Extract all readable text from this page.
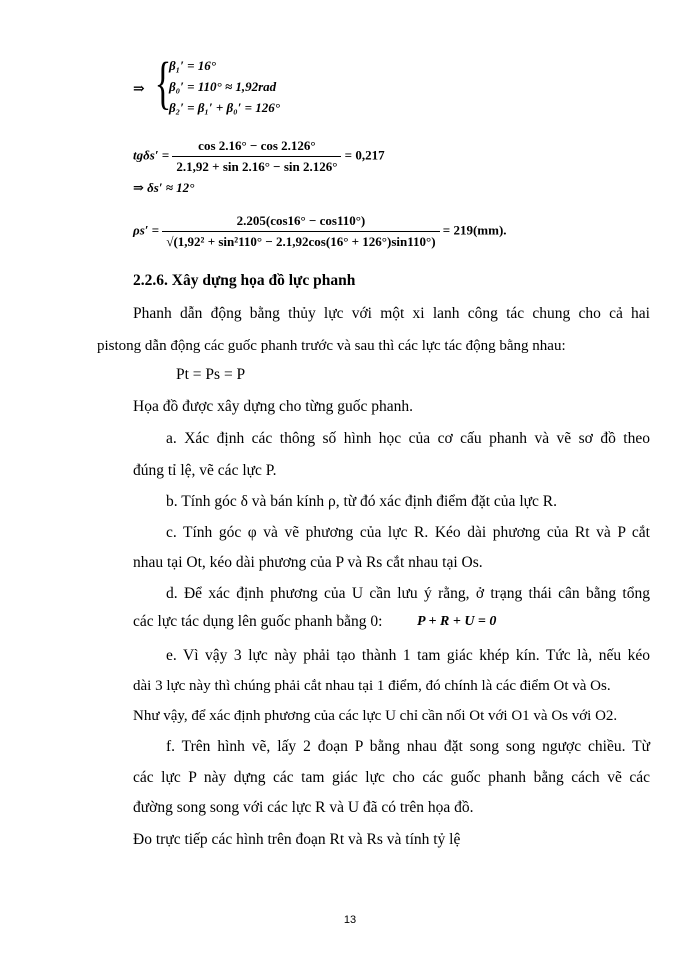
⇒ {
β₁′ = 16°
β₀′ = 110° ≈ 1,92rad
β₂′ = β₁′ + β₀′ = 126°
$tg\delta s' = \frac{\cos 2.16^\circ - \cos 2.126^\circ}{2.1,92 + \sin 2.16^\circ - \sin 2.126^\circ} = 0,217$
⇒ δs′ ≈ 12°
$\rho s' = \frac{2.205(\cos 16^\circ - \cos 110^\circ)}{\text{√(1,92² + sin²110° − 2.1,92cos(16° + 126°)sin110°)}} = 219(mm)$.
2.2.6. Xây dựng họa đồ lực phanh
Phanh dẫn động bằng thủy lực với một xi lanh công tác chung cho cả hai
pistong dẫn động các guốc phanh trước và sau thì các lực tác động bằng nhau:
Pt = Ps = P
Họa đồ được xây dựng cho từng guốc phanh.
a. Xác định các thông số hình học của cơ cấu phanh và vẽ sơ đồ theo
đúng tỉ lệ, vẽ các lực P.
b. Tính góc δ và bán kính ρ, từ đó xác định điểm đặt của lực R.
c. Tính góc φ và vẽ phương của lực R. Kéo dài phương của Rt và P cắt
nhau tại Ot, kéo dài phương của P và Rs cắt nhau tại Os.
d. Để xác định phương của U cần lưu ý rằng, ở trạng thái cân bằng tổng
các lực tác dụng lên guốc phanh bằng 0: P + R + U = 0
e. Vì vậy 3 lực này phải tạo thành 1 tam giác khép kín. Tức là, nếu kéo
dài 3 lực này thì chúng phải cắt nhau tại 1 điểm, đó chính là các điểm Ot và Os.
Như vậy, để xác định phương của các lực U chỉ cần nối Ot với O1 và Os với O2.
f. Trên hình vẽ, lấy 2 đoạn P bằng nhau đặt song song ngược chiều. Từ
các lực P này dựng các tam giác lực cho các guốc phanh bằng cách vẽ các
đường song song với các lực R và U đã có trên họa đồ.
Đo trực tiếp các hình trên đoạn Rt và Rs và tính tỷ lệ
13
